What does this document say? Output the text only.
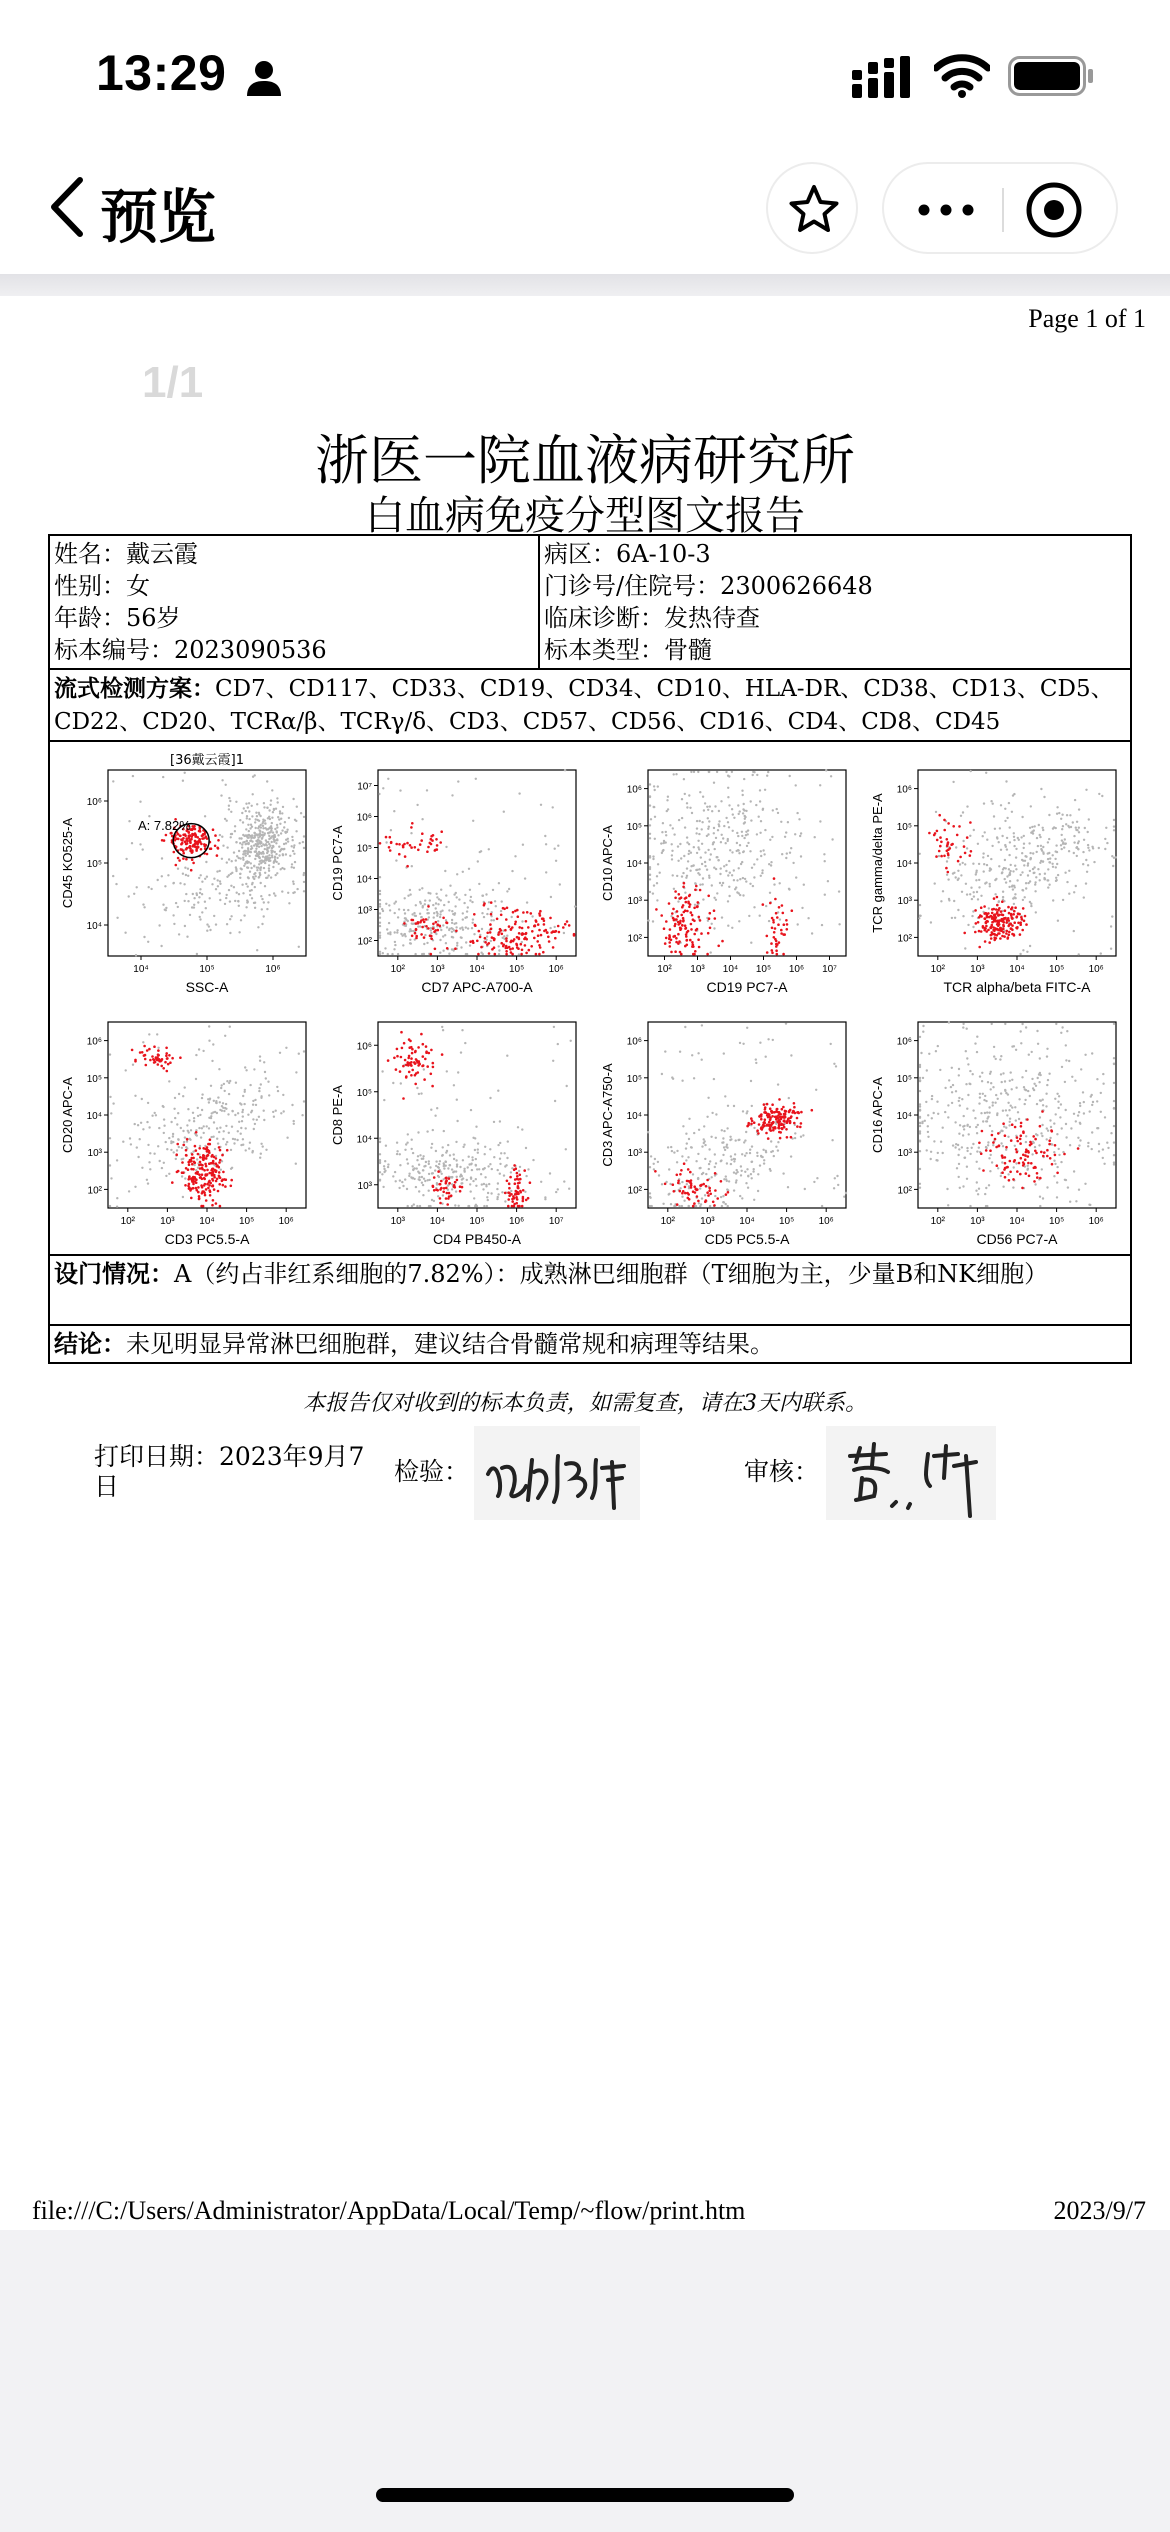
13:29
预览
Page 1 of 1
1/1
浙医一院血液病研究所
白血病免疫分型图文报告
姓名：戴云霞
性别：女
年龄：56岁
标本编号：2023090536
病区：6A-10-3
门诊号/住院号：2300626648
临床诊断：发热待查
标本类型：骨髓
流式检测方案：CD7、CD117、CD33、CD19、CD34、CD10、HLA-DR、CD38、CD13、CD5、CD22、CD20、TCRα/β、TCRγ/δ、CD3、CD57、CD56、CD16、CD4、CD8、CD45
A: 7.82%
[36戴云霞]1
10⁴	10⁵	10⁶
10⁴
10⁵
10⁶
SSC-A
CD45 KO525-A
10²	10³ 10⁴ 10⁵ 10⁶
10²
10³
10⁴
10⁵
10⁶
10⁷
CD7 APC-A700-A
CD19 PC7-A
10² 10³ 10⁴ 10⁵ 10⁶ 10⁷
10²
10³
10⁴
10⁵
10⁶
CD19 PC7-A
CD10 APC-A
10²	10³ 10⁴ 10⁵ 10⁶
10²
10³
10⁴
10⁵
10⁶
TCR alpha/beta FITC-A
TCR gamma/delta PE-A
10²	10³ 10⁴ 10⁵ 10⁶
10²
10³
10⁴
10⁵
10⁶
CD3 PC5.5-A
CD20 APC-A
10³ 10⁴ 10⁵ 10⁶ 10⁷
10³
10⁴
10⁵
10⁶
CD4 PB450-A
CD8 PE-A
10²	10³ 10⁴ 10⁵ 10⁶
10²
10³
10⁴
10⁵
10⁶
CD5 PC5.5-A
CD3 APC-A750-A
10²	10³ 10⁴ 10⁵ 10⁶
10²
10³
10⁴
10⁵
10⁶
CD56 PC7-A
CD16 APC-A
设门情况：A（约占非红系细胞的7.82%）：成熟淋巴细胞群（T细胞为主，少量B和NK细胞）
结论：未见明显异常淋巴细胞群，建议结合骨髓常规和病理等结果。
本报告仅对收到的标本负责，如需复查，请在3天内联系。
打印日期：2023年9月7日
检验：	审核：
file:///C:/Users/Administrator/AppData/Local/Temp/~flow/print.htm	2023/9/7
